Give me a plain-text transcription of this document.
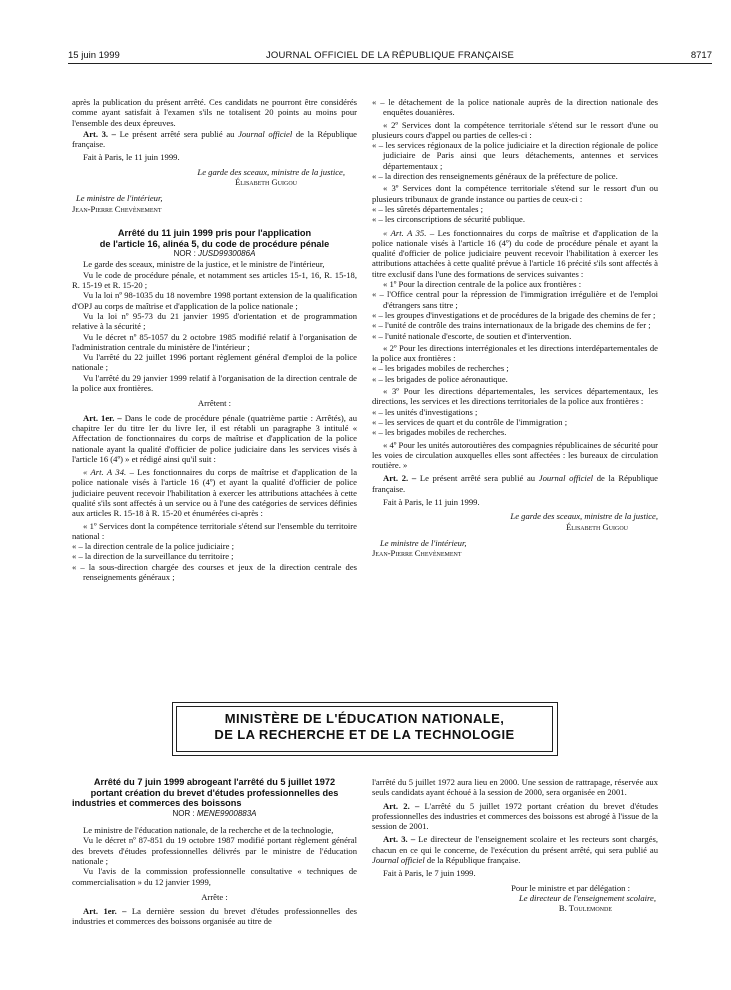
15 juin 1999	JOURNAL OFFICIEL DE LA RÉPUBLIQUE FRANÇAISE	8717

après la publication du présent arrêté. Ces candidats ne pourront être considérés comme ayant satisfait à l'examen s'ils ne totalisent 20 points au moins pour l'ensemble des deux épreuves.

Art. 3. – Le présent arrêté sera publié au Journal officiel de la République française.

Fait à Paris, le 11 juin 1999.

Le garde des sceaux, ministre de la justice,

Élisabeth Guigou

Le ministre de l'intérieur,

Jean-Pierre Chevènement

Arrêté du 11 juin 1999 pris pour l'application

de l'article 16, alinéa 5, du code de procédure pénale

NOR : JUSD9930086A

Le garde des sceaux, ministre de la justice, et le ministre de l'intérieur,

Vu le code de procédure pénale, et notamment ses articles 15-1, 16, R. 15-18, R. 15-19 et R. 15-20 ;

Vu la loi nº 98-1035 du 18 novembre 1998 portant extension de la qualification d'OPJ au corps de maîtrise et d'application de la police nationale ;

Vu la loi nº 95-73 du 21 janvier 1995 d'orientation et de programmation relative à la sécurité ;

Vu le décret nº 85-1057 du 2 octobre 1985 modifié relatif à l'organisation de l'administration centrale du ministère de l'intérieur ;

Vu l'arrêté du 22 juillet 1996 portant règlement général d'emploi de la police nationale ;

Vu l'arrêté du 29 janvier 1999 relatif à l'organisation de la direction centrale de la police aux frontières.

Arrêtent :

Art. 1er. – Dans le code de procédure pénale (quatrième partie : Arrêtés), au chapitre Ier du titre Ier du livre Ier, il est rétabli un paragraphe 3 intitulé « Affectation de fonctionnaires du corps de maîtrise et d'application de la police nationale ayant la qualité d'officier de police judiciaire dans les services visés à l'article 16 (4º) » et rédigé ainsi qu'il suit :

« Art. A 34. – Les fonctionnaires du corps de maîtrise et d'application de la police nationale visés à l'article 16 (4º) et ayant la qualité d'officier de police judiciaire peuvent recevoir l'habilitation à exercer les attributions attachées à cette qualité s'ils sont affectés à un service ou à l'une des catégories de services définies aux articles R. 15-18 à R. 15-20 et énumérées ci-après :

« 1º Services dont la compétence territoriale s'étend sur l'ensemble du territoire national :

« – la direction centrale de la police judiciaire ;

« – la direction de la surveillance du territoire ;

« – la sous-direction chargée des courses et jeux de la direction centrale des renseignements généraux ;

« – le détachement de la police nationale auprès de la direction nationale des enquêtes douanières.

« 2º Services dont la compétence territoriale s'étend sur le ressort d'une ou plusieurs cours d'appel ou parties de celles-ci :

« – les services régionaux de la police judiciaire et la direction régionale de police judiciaire de Paris ainsi que leurs détachements, antennes et services départementaux ;

« – la direction des renseignements généraux de la préfecture de police.

« 3º Services dont la compétence territoriale s'étend sur le ressort d'un ou plusieurs tribunaux de grande instance ou parties de ceux-ci :

« – les sûretés départementales ;

« – les circonscriptions de sécurité publique.

« Art. A 35. – Les fonctionnaires du corps de maîtrise et d'application de la police nationale visés à l'article 16 (4º) du code de procédure pénale et ayant la qualité d'officier de police judiciaire peuvent recevoir l'habilitation à exercer les attributions attachées à cette qualité prévue à l'article 16 précité s'ils sont affectés à titre exclusif dans l'une des formations de services suivantes :

« 1º Pour la direction centrale de la police aux frontières :

« – l'Office central pour la répression de l'immigration irrégulière et de l'emploi d'étrangers sans titre ;

« – les groupes d'investigations et de procédures de la brigade des chemins de fer ;

« – l'unité de contrôle des trains internationaux de la brigade des chemins de fer ;

« – l'unité nationale d'escorte, de soutien et d'intervention.

« 2º Pour les directions interrégionales et les directions interdépartementales de la police aux frontières :

« – les brigades mobiles de recherches ;

« – les brigades de police aéronautique.

« 3º Pour les directions départementales, les services départementaux, les directions, les services et les directions territoriales de la police aux frontières :

« – les unités d'investigations ;

« – les services de quart et du contrôle de l'immigration ;

« – les brigades mobiles de recherches.

« 4º Pour les unités autoroutières des compagnies républicaines de sécurité pour les voies de circulation auxquelles elles sont affectées : les bureaux de circulation routière. »

Art. 2. – Le présent arrêté sera publié au Journal officiel de la République française.

Fait à Paris, le 11 juin 1999.

Le garde des sceaux, ministre de la justice,

Élisabeth Guigou

Le ministre de l'intérieur,

Jean-Pierre Chevènement

MINISTÈRE DE L'ÉDUCATION NATIONALE,
DE LA RECHERCHE ET DE LA TECHNOLOGIE

Arrêté du 7 juin 1999 abrogeant l'arrêté du 5 juillet 1972

portant création du brevet d'études professionnelles des

industries et commerces des boissons

NOR : MENE9900883A

Le ministre de l'éducation nationale, de la recherche et de la technologie,

Vu le décret nº 87-851 du 19 octobre 1987 modifié portant règlement général des brevets d'études professionnelles délivrés par le ministre de l'éducation nationale ;

Vu l'avis de la commission professionnelle consultative « techniques de commercialisation » du 12 janvier 1999,

Arrête :

Art. 1er. – La dernière session du brevet d'études professionnelles des industries et commerces des boissons organisée au titre de

l'arrêté du 5 juillet 1972 aura lieu en 2000. Une session de rattrapage, réservée aux seuls candidats ayant échoué à la session de 2000, sera organisée en 2001.

Art. 2. – L'arrêté du 5 juillet 1972 portant création du brevet d'études professionnelles des industries et commerces des boissons est abrogé à l'issue de la session de 2001.

Art. 3. – Le directeur de l'enseignement scolaire et les recteurs sont chargés, chacun en ce qui le concerne, de l'exécution du présent arrêté, qui sera publié au Journal officiel de la République française.

Fait à Paris, le 7 juin 1999.

Pour le ministre et par délégation :

Le directeur de l'enseignement scolaire,

B. Toulemonde
